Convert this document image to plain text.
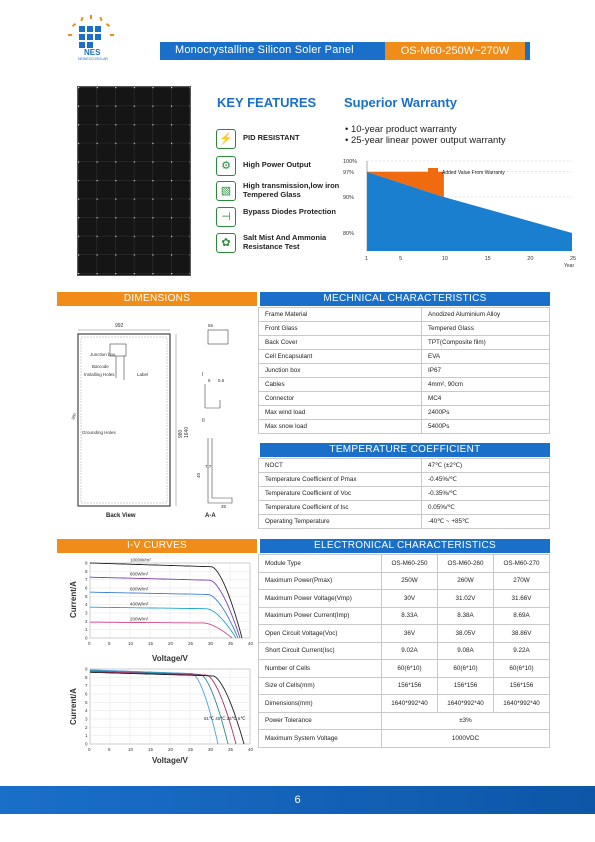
NES
NEWESCOSOLAR
Monocrystalline Silicon Soler Panel	OS-M60-250W~270W
KEY FEATURES
⚡	PID RESISTANT
⚙	High Power Output
▧	High transmission,low iron Tempered Glass
⊣	Bypass Diodes Protection
✿	Salt Mist And Ammonia Resistance Test
Superior Warranty
• 10-year product warranty
• 25-year linear power output warranty
100%
97%
90%
80%
1	5	10	15	20	25
Year
Added Value From Warranty
DIMENSIONS	MECHNICAL CHARACTERISTICS
992
Junction box
Barcode
Installing Holes	Label
Grounding Holes
980
980 1640
Back View	A-A
55
I
6 5.5
II
40
35
7.7
Frame Material	Anodized Aluminium Alloy
Front Glass	Tempered Glass
Back Cover	TPT(Composite film)
Cell Encapsulant	EVA
Junction box	IP67
Cables	4mm², 90cm
Connector	MC4
Max wind load	2400Ps
Max snow load	5400Ps
TEMPERATURE COEFFICIENT
NOCT	47℃ (±2℃)
Temperature Coefficient of Pmax	-0.45%/℃
Temperature Coefficient of Voc	-0.35%/℃
Temperature Coefficient of Isc	0.05%/℃
Operating Temperature	-40℃ ~ +85℃
I-V CURVES	ELECTRONICAL CHARACTERISTICS
Current/A
1000W/m²
800W/m²
600W/m²
400W/m²
200W/m²
0	5	10	15	20	25	30	35	40
0
1
2
3
4
5
6
7
8
9
Voltage/V
Current/A
0	5	10	15	20	25	30	35	40
0
1
2
3
4
5
6
7
8
9
61℃ 40℃ 25℃ 5℃
Voltage/V
Module Type	OS-M60-250	OS-M60-260	OS-M60-270
Maximum Power(Pmax)	250W	260W	270W
Maximum Power Voltage(Vmp)	30V	31.02V	31.66V
Maximum Power Current(Imp)	8.33A	8.38A	8.69A
Open Circuit Voltage(Voc)	36V	38.05V	38.86V
Short Circuit Current(Isc)	9.02A	9.08A	9.22A
Number of Cells	60(6*10)	60(6*10)	60(6*10)
Size of Cells(mm)	156*156	156*156	156*156
Dimensions(mm)	1640*992*40	1640*992*40	1640*992*40
Power Tolerance	±3%		
Maximum System Voltage	1000VDC		
6
